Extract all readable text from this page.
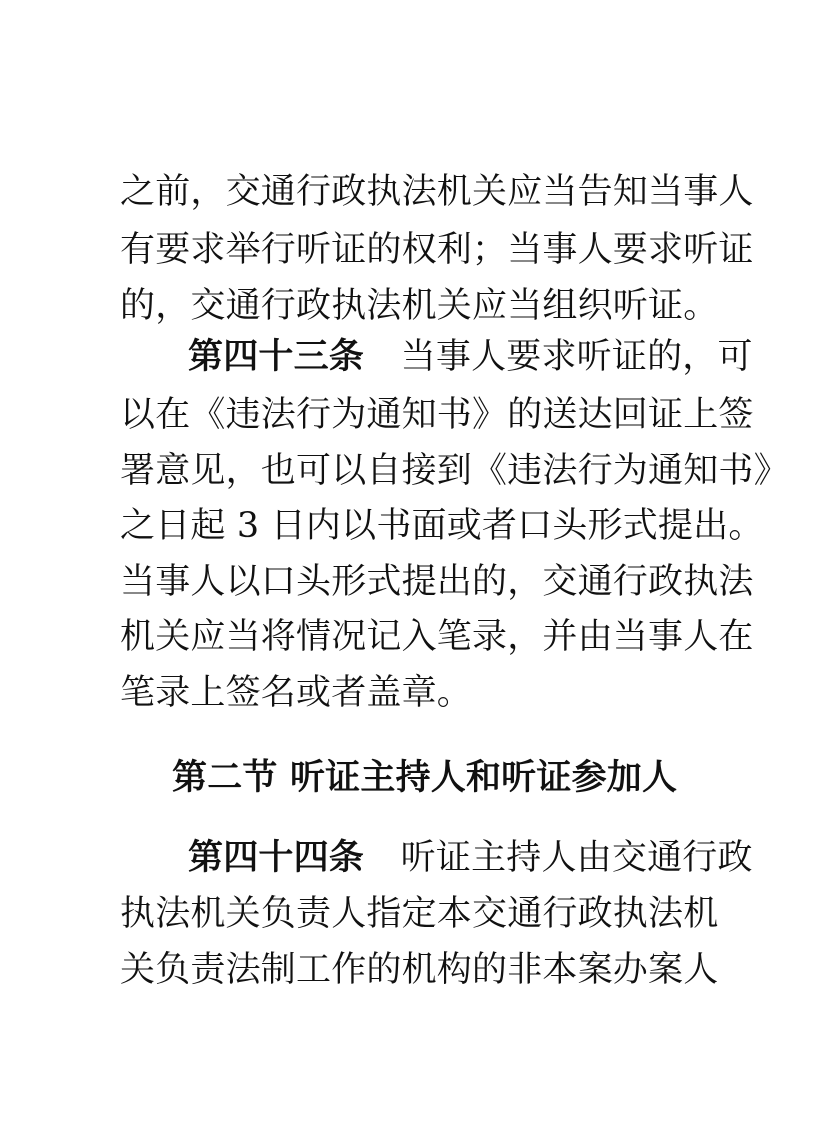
之前，交通行政执法机关应当告知当事人
有要求举行听证的权利；当事人要求听证
的，交通行政执法机关应当组织听证。
第四十三条 当事人要求听证的，可
以在《违法行为通知书》的送达回证上签
署意见，也可以自接到《违法行为通知书》
之日起 3 日内以书面或者口头形式提出。
当事人以口头形式提出的，交通行政执法
机关应当将情况记入笔录，并由当事人在
笔录上签名或者盖章。
第二节 听证主持人和听证参加人
第四十四条 听证主持人由交通行政
执法机关负责人指定本交通行政执法机
关负责法制工作的机构的非本案办案人
